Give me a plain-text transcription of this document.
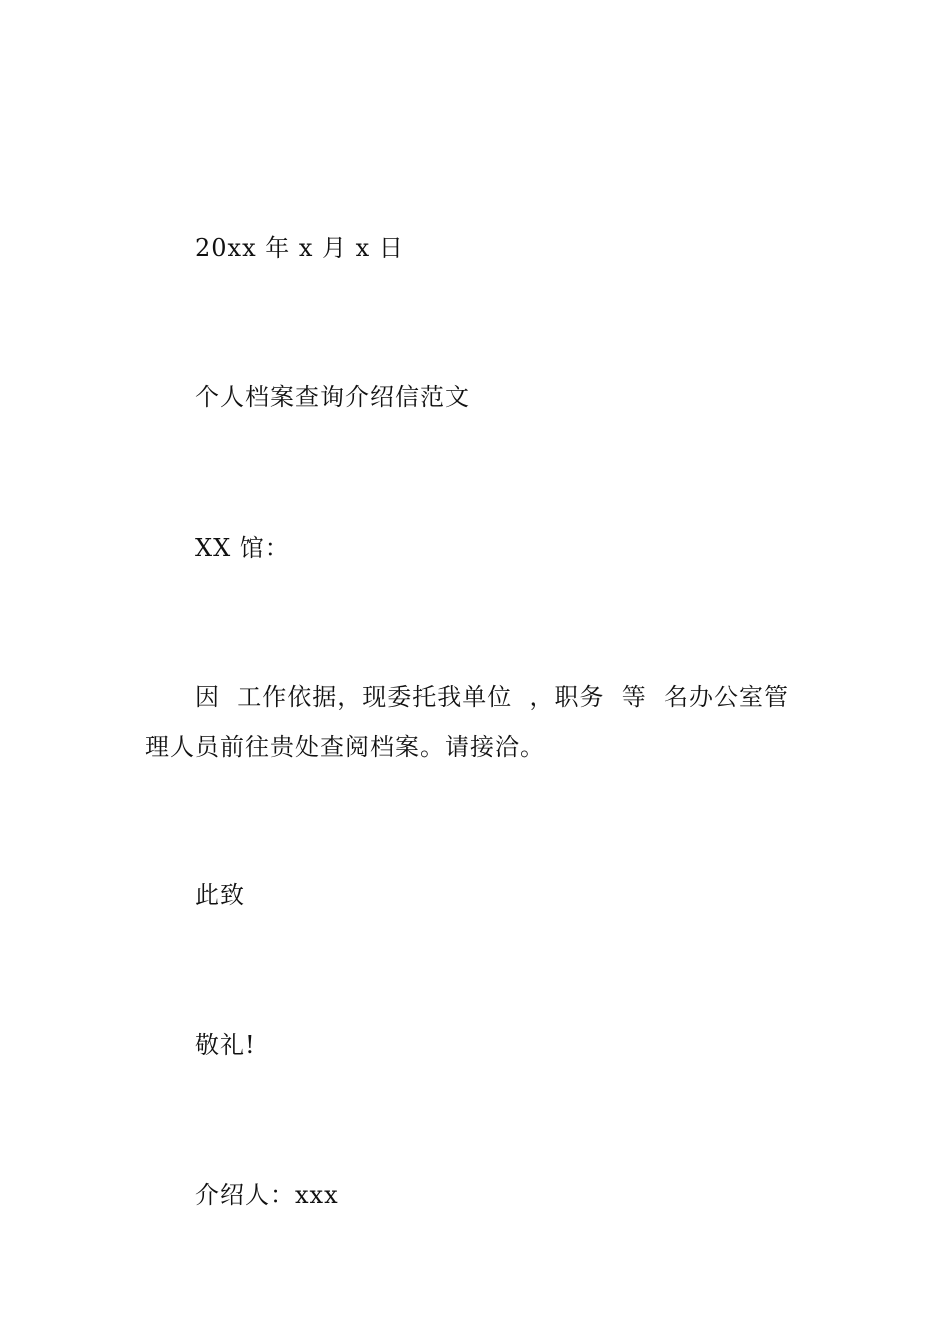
20xx 年 x 月 x 日
个人档案查询介绍信范文
XX 馆：
因  工作依据，现委托我单位  ，职务  等  名办公室管
理人员前往贵处查阅档案。请接洽。
此致
敬礼!
介绍人：xxx
